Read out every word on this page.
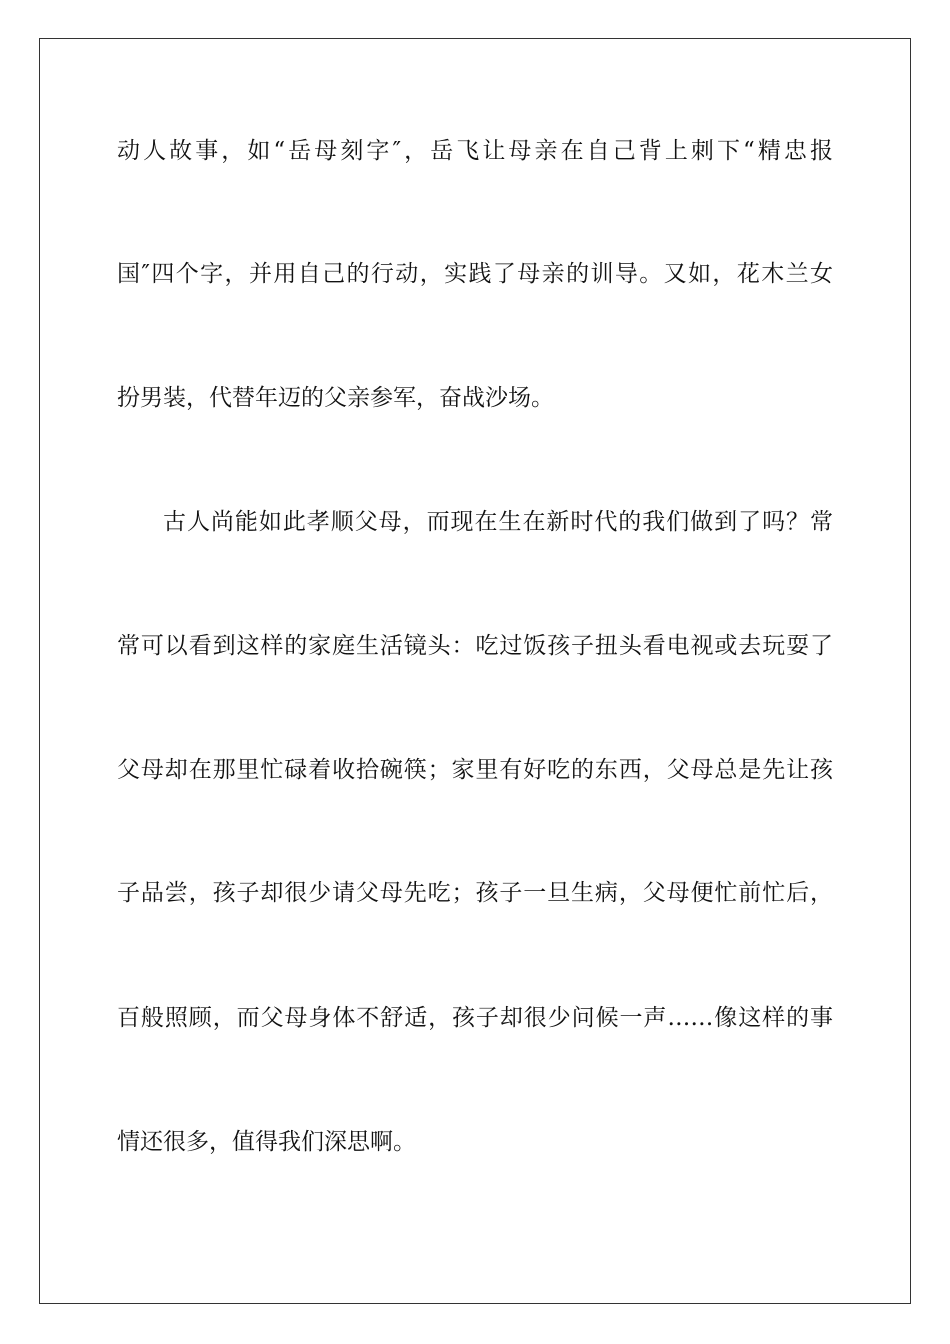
动人故事，如“岳母刻字″，岳飞让母亲在自己背上刺下“精忠报
国″四个字，并用自己的行动，实践了母亲的训导。又如，花木兰女
扮男装，代替年迈的父亲参军，奋战沙场。
古人尚能如此孝顺父母，而现在生在新时代的我们做到了吗？常
常可以看到这样的家庭生活镜头：吃过饭孩子扭头看电视或去玩耍了
父母却在那里忙碌着收拾碗筷；家里有好吃的东西，父母总是先让孩
子品尝，孩子却很少请父母先吃；孩子一旦生病，父母便忙前忙后，
百般照顾，而父母身体不舒适，孩子却很少问候一声……像这样的事
情还很多，值得我们深思啊。
